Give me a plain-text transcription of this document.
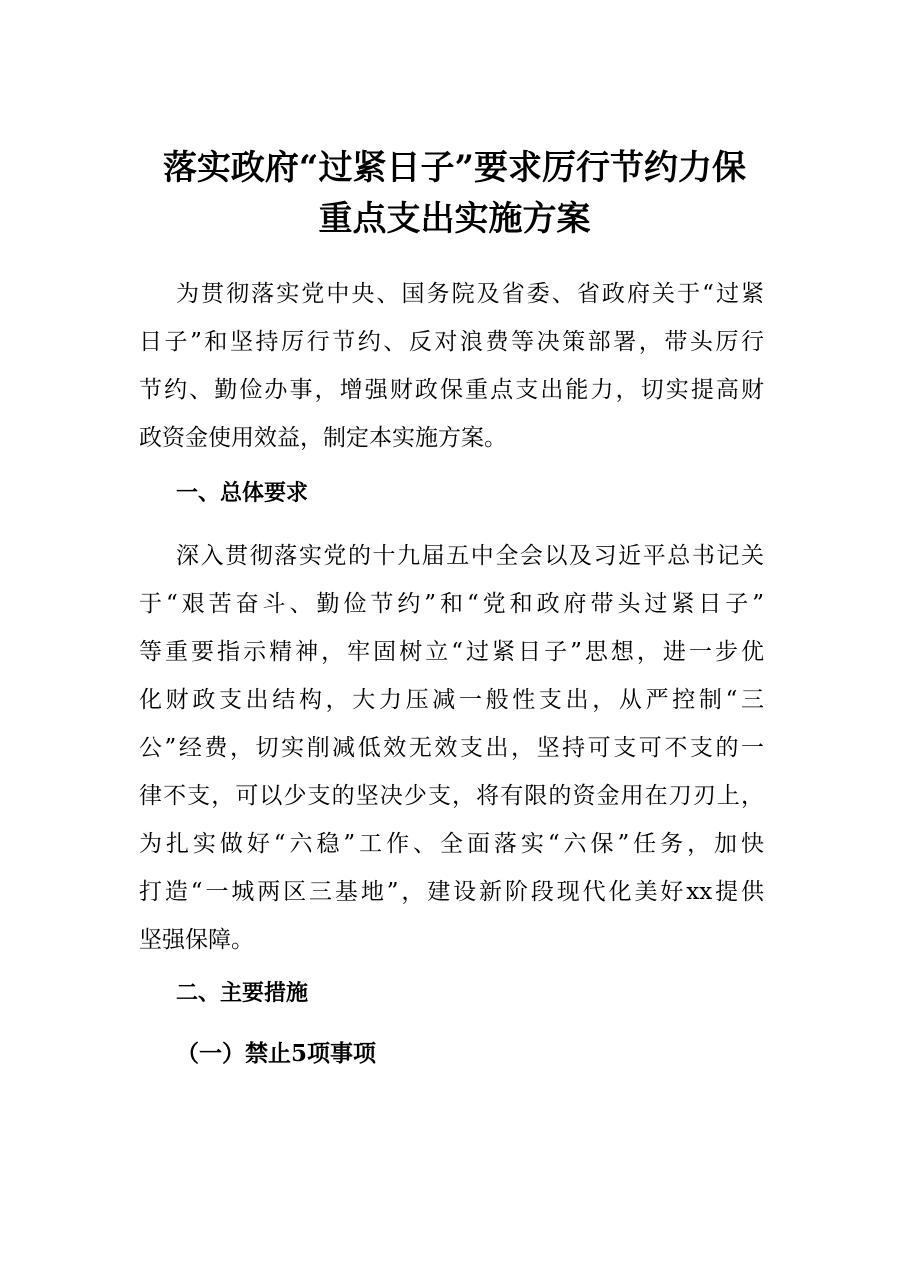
落实政府“过紧日子”要求厉行节约力保
重点支出实施方案
为贯彻落实党中央、国务院及省委、省政府关于“过紧
日子”和坚持厉行节约、反对浪费等决策部署，带头厉行
节约、勤俭办事，增强财政保重点支出能力，切实提高财
政资金使用效益，制定本实施方案。
一、总体要求
深入贯彻落实党的十九届五中全会以及习近平总书记关
于“艰苦奋斗、勤俭节约”和“党和政府带头过紧日子”
等重要指示精神，牢固树立“过紧日子”思想，进一步优
化财政支出结构，大力压减一般性支出，从严控制“三
公”经费，切实削减低效无效支出，坚持可支可不支的一
律不支，可以少支的坚决少支，将有限的资金用在刀刃上，
为扎实做好“六稳”工作、全面落实“六保”任务，加快
打造“一城两区三基地”，建设新阶段现代化美好xx提供
坚强保障。
二、主要措施
（一）禁止5项事项
